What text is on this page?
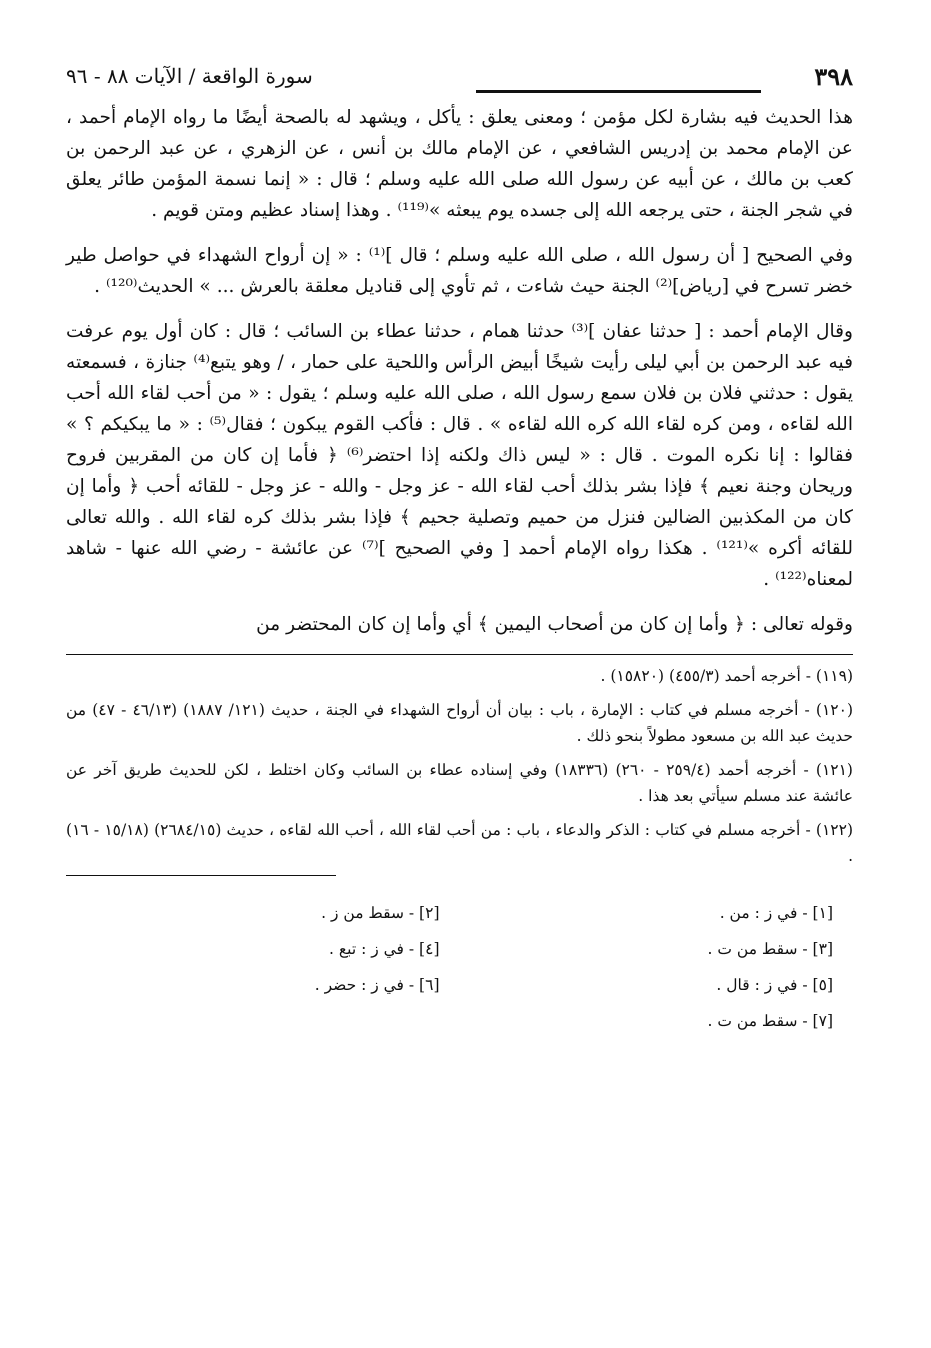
٣٩٨
سورة الواقعة / الآيات ٨٨ - ٩٦

هذا الحديث فيه بشارة لكل مؤمن ؛ ومعنى يعلق : يأكل ، ويشهد له بالصحة أيضًا ما رواه الإمام أحمد ، عن الإمام محمد بن إدريس الشافعي ، عن الإمام مالك بن أنس ، عن الزهري ، عن عبد الرحمن بن كعب بن مالك ، عن أبيه عن رسول الله صلى الله عليه وسلم ؛ قال : « إنما نسمة المؤمن طائر يعلق في شجر الجنة ، حتى يرجعه الله إلى جسده يوم يبعثه »⁽¹¹⁹⁾ . وهذا إسناد عظيم ومتن قويم .

وفي الصحيح [ أن رسول الله ، صلى الله عليه وسلم ؛ قال ]⁽¹⁾ : « إن أرواح الشهداء في حواصل طير خضر تسرح في [رياض]⁽²⁾ الجنة حيث شاءت ، ثم تأوي إلى قناديل معلقة بالعرش ... » الحديث⁽¹²⁰⁾ .

وقال الإمام أحمد : [ حدثنا عفان ]⁽³⁾ حدثنا همام ، حدثنا عطاء بن السائب ؛ قال : كان أول يوم عرفت فيه عبد الرحمن بن أبي ليلى رأيت شيخًا أبيض الرأس واللحية على حمار ، / وهو يتبع⁽⁴⁾ جنازة ، فسمعته يقول : حدثني فلان بن فلان سمع رسول الله ، صلى الله عليه وسلم ؛ يقول : « من أحب لقاء الله أحب الله لقاءه ، ومن كره لقاء الله كره الله لقاءه » . قال : فأكب القوم يبكون ؛ فقال⁽⁵⁾ : « ما يبكيكم ؟ » فقالوا : إنا نكره الموت . قال : « ليس ذاك ولكنه إذا احتضر⁽⁶⁾ ﴿ فأما إن كان من المقربين فروح وريحان وجنة نعيم ﴾ فإذا بشر بذلك أحب لقاء الله - عز وجل - والله - عز وجل - للقائه أحب ﴿ وأما إن كان من المكذبين الضالين فنزل من حميم وتصلية جحيم ﴾ فإذا بشر بذلك كره لقاء الله . والله تعالى للقائه أكره »⁽¹²¹⁾ . هكذا رواه الإمام أحمد [ وفي الصحيح ]⁽⁷⁾ عن عائشة - رضي الله عنها - شاهد لمعناه⁽¹²²⁾ .

وقوله تعالى : ﴿ وأما إن كان من أصحاب اليمين ﴾ أي وأما إن كان المحتضر من

(١١٩) - أخرجه أحمد (٤٥٥/٣) (١٥٨٢٠) .

(١٢٠) - أخرجه مسلم في كتاب : الإمارة ، باب : بيان أن أرواح الشهداء في الجنة ، حديث (١٢١/ ١٨٨٧) (٤٦/١٣ - ٤٧) من حديث عبد الله بن مسعود مطولاً بنحو ذلك .

(١٢١) - أخرجه أحمد (٢٥٩/٤ - ٢٦٠) (١٨٣٣٦) وفي إسناده عطاء بن السائب وكان اختلط ، لكن للحديث طريق آخر عن عائشة عند مسلم سيأتي بعد هذا .

(١٢٢) - أخرجه مسلم في كتاب : الذكر والدعاء ، باب : من أحب لقاء الله ، أحب الله لقاءه ، حديث (٢٦٨٤/١٥) (١٥/١٨ - ١٦) .

[١] - في ز : من .
[٢] - سقط من ز .
[٣] - سقط من ت .
[٤] - في ز : تبع .
[٥] - في ز : قال .
[٦] - في ز : حضر .
[٧] - سقط من ت .
